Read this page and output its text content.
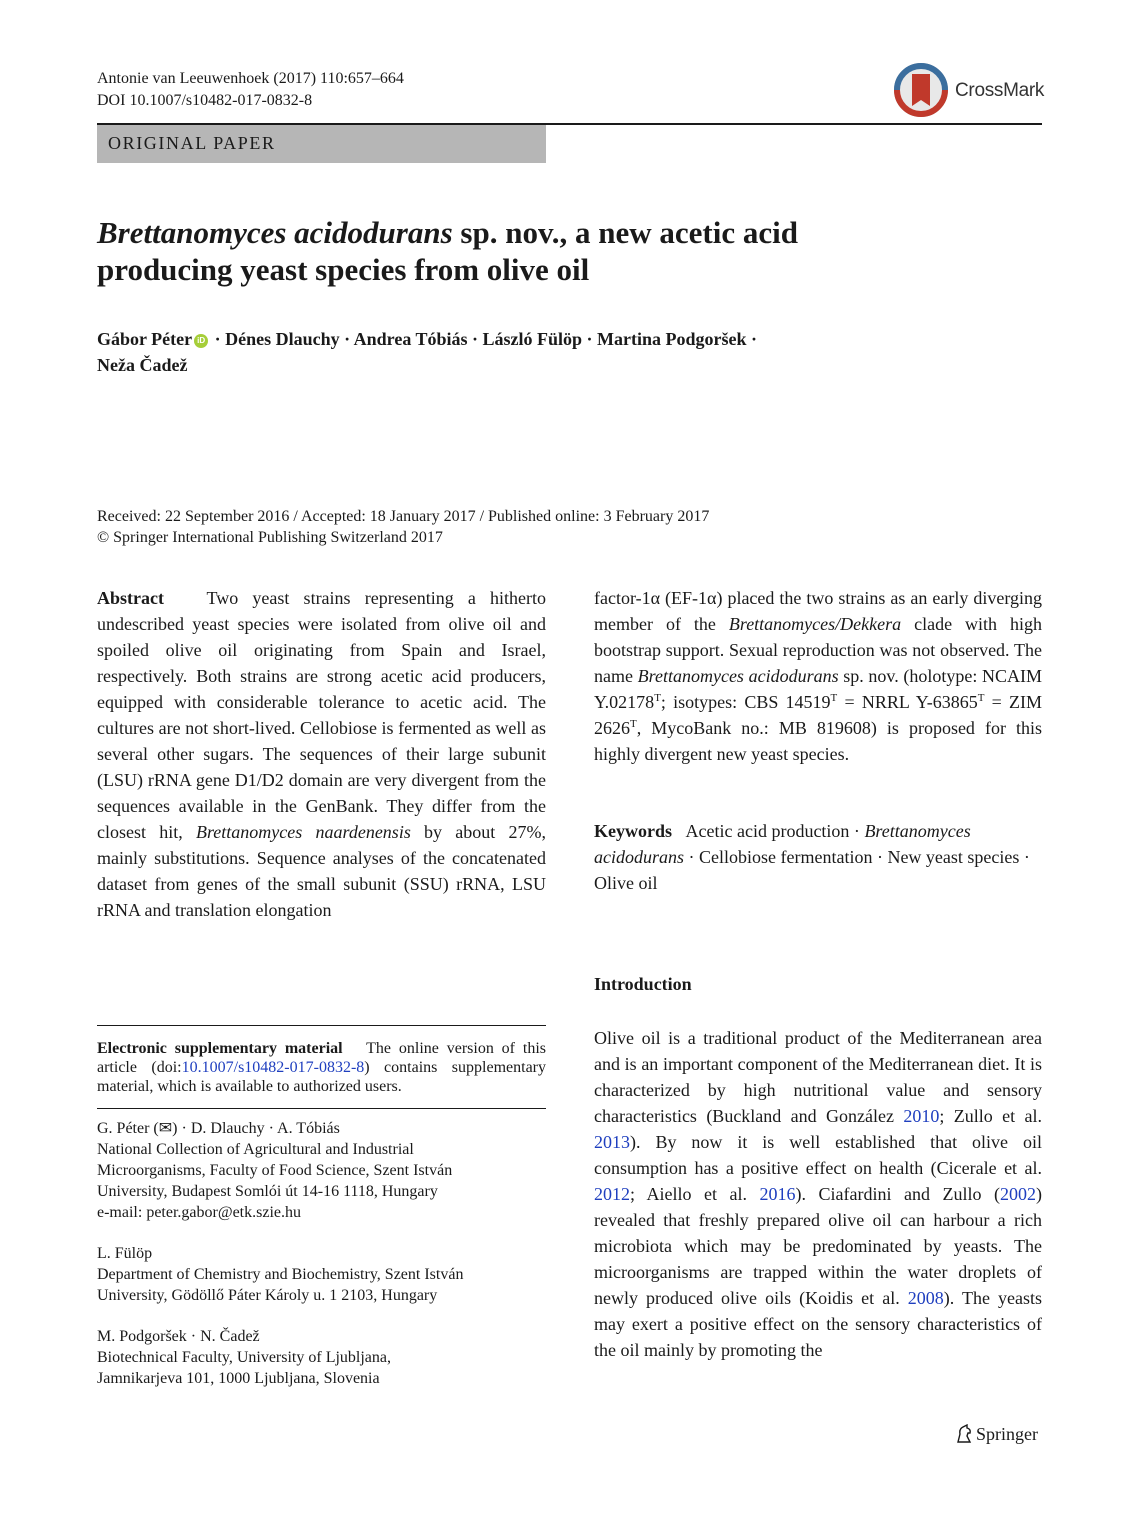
Antonie van Leeuwenhoek (2017) 110:657–664
DOI 10.1007/s10482-017-0832-8	CrossMark
ORIGINAL PAPER
Brettanomyces acidodurans sp. nov., a new acetic acid
producing yeast species from olive oil
Gábor Péter iD · Dénes Dlauchy · Andrea Tóbiás · László Fülöp · Martina Podgoršek ·
Neža Čadež
Received: 22 September 2016 / Accepted: 18 January 2017 / Published online: 3 February 2017
© Springer International Publishing Switzerland 2017

Abstract Two yeast strains representing a hitherto undescribed yeast species were isolated from olive oil and spoiled olive oil originating from Spain and Israel, respectively. Both strains are strong acetic acid producers, equipped with considerable tolerance to acetic acid. The cultures are not short-lived. Cellobiose is fermented as well as several other sugars. The sequences of their large subunit (LSU) rRNA gene D1/D2 domain are very divergent from the sequences available in the GenBank. They differ from the closest hit, Brettanomyces naardenensis by about 27%, mainly substitutions. Sequence analyses of the concatenated dataset from genes of the small subunit (SSU) rRNA, LSU rRNA and translation elongation

factor-1α (EF-1α) placed the two strains as an early diverging member of the Brettanomyces/Dekkera clade with high bootstrap support. Sexual reproduction was not observed. The name Brettanomyces acidodurans sp. nov. (holotype: NCAIM $Y.02178^T$; isotypes: CBS $14519^T$ = NRRL $Y-63865^T$ = ZIM $2626^T$, MycoBank no.: MB 819608) is proposed for this highly divergent new yeast species.

Keywords Acetic acid production · Brettanomyces acidodurans · Cellobiose fermentation · New yeast species · Olive oil
Introduction
Olive oil is a traditional product of the Mediterranean area and is an important component of the Mediterranean diet. It is characterized by high nutritional value and sensory characteristics (Buckland and González 2010; Zullo et al. 2013). By now it is well established that olive oil consumption has a positive effect on health (Cicerale et al. 2012; Aiello et al. 2016). Ciafardini and Zullo (2002) revealed that freshly prepared olive oil can harbour a rich microbiota which may be predominated by yeasts. The microorganisms are trapped within the water droplets of newly produced olive oils (Koidis et al. 2008). The yeasts may exert a positive effect on the sensory characteristics of the oil mainly by promoting the
Electronic supplementary material The online version of this article (doi:10.1007/s10482-017-0832-8) contains supplementary material, which is available to authorized users.
G. Péter (✉) · D. Dlauchy · A. Tóbiás
National Collection of Agricultural and Industrial
Microorganisms, Faculty of Food Science, Szent István
University, Budapest Somlói út 14-16 1118, Hungary
e-mail: peter.gabor@etk.szie.hu
L. Fülöp
Department of Chemistry and Biochemistry, Szent István
University, Gödöllő Páter Károly u. 1 2103, Hungary
M. Podgoršek · N. Čadež
Biotechnical Faculty, University of Ljubljana,
Jamnikarjeva 101, 1000 Ljubljana, Slovenia
Springer
